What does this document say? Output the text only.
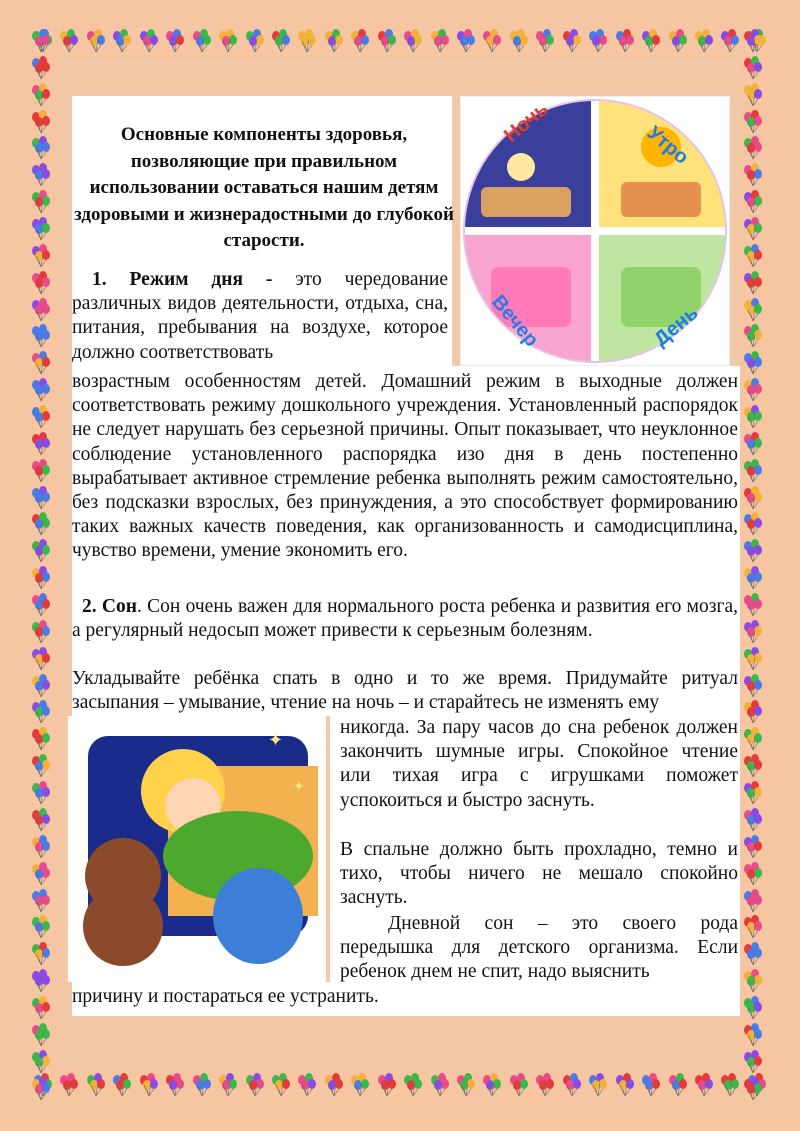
Основные компоненты здоровья, позволяющие при правильном использовании оставаться нашим детям здоровыми и жизнерадостными до глубокой старости.
Ночь	Утро
Вечер	День

1. Режим дня - это чередование различных видов деятельности, отдыха, сна, питания, пребывания на воздухе, которое должно соответствовать

возрастным особенностям детей. Домашний режим в выходные должен соответствовать режиму дошкольного учреждения. Установленный распорядок не следует нарушать без серьезной причины. Опыт показывает, что неуклонное соблюдение установленного распорядка изо дня в день постепенно вырабатывает активное стремление ребенка выполнять режим самостоятельно, без подсказки взрослых, без принуждения, а это способствует формированию таких важных качеств поведения, как организованность и самодисциплина, чувство времени, умение экономить его.

2. Сон. Сон очень важен для нормального роста ребенка и развития его мозга, а регулярный недосып может привести к серьезным болезням.

Укладывайте ребёнка спать в одно и то же время. Придумайте ритуал засыпания – умывание, чтение на ночь – и старайтесь не изменять ему

✦
✦

никогда. За пару часов до сна ребенок должен закончить шумные игры. Спокойное чтение или тихая игра с игрушками поможет успокоиться и быстро заснуть.

В спальне должно быть прохладно, темно и тихо, чтобы ничего не мешало спокойно заснуть.

Дневной сон – это своего рода передышка для детского организма. Если ребенок днем не спит, надо выяснить

причину и постараться ее устранить.
